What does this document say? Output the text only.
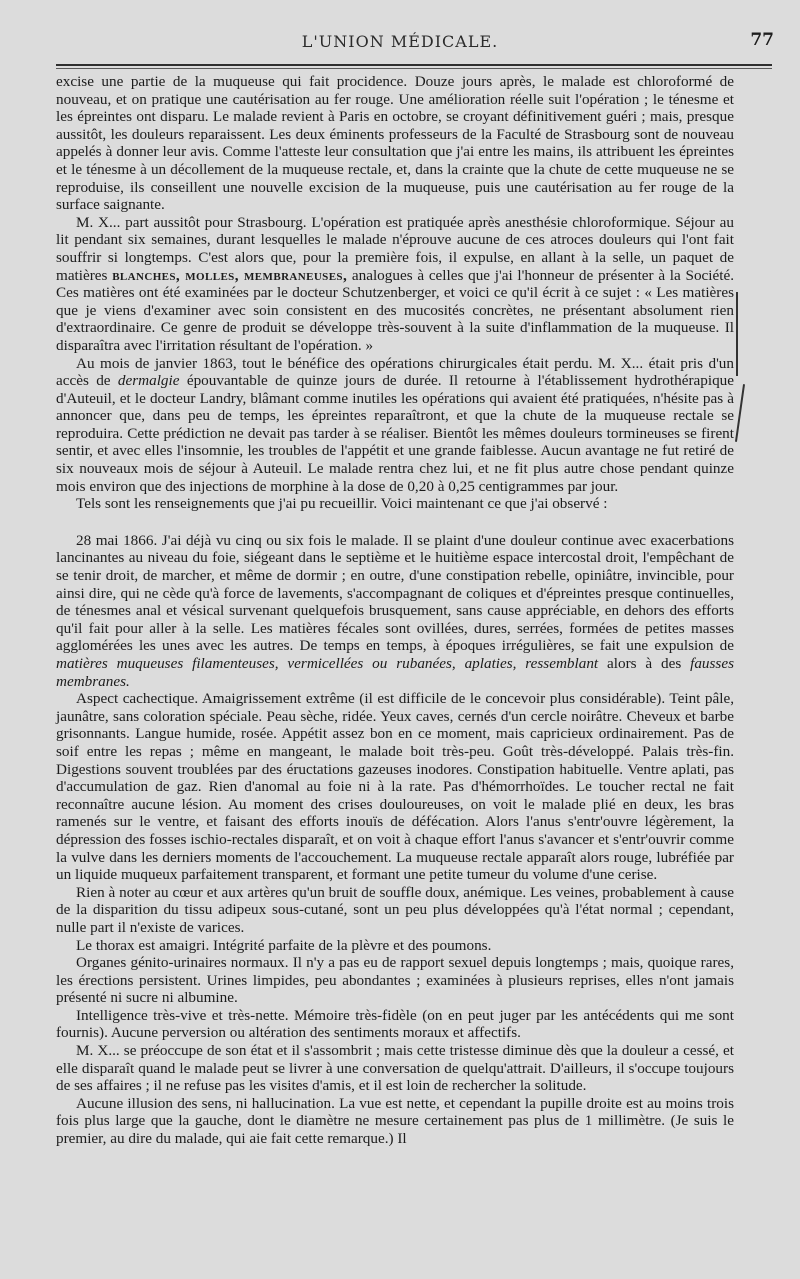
L'UNION MÉDICALE.	77

excise une partie de la muqueuse qui fait procidence. Douze jours après, le malade est chloroformé de nouveau, et on pratique une cautérisation au fer rouge. Une amélioration réelle suit l'opération ; le ténesme et les épreintes ont disparu. Le malade revient à Paris en octobre, se croyant définitivement guéri ; mais, presque aussitôt, les douleurs reparaissent. Les deux éminents professeurs de la Faculté de Strasbourg sont de nouveau appelés à donner leur avis. Comme l'atteste leur consultation que j'ai entre les mains, ils attribuent les épreintes et le ténesme à un décollement de la muqueuse rectale, et, dans la crainte que la chute de cette muqueuse ne se reproduise, ils conseillent une nouvelle excision de la muqueuse, puis une cautérisation au fer rouge de la surface saignante.

M. X... part aussitôt pour Strasbourg. L'opération est pratiquée après anesthésie chloroformique. Séjour au lit pendant six semaines, durant lesquelles le malade n'éprouve aucune de ces atroces douleurs qui l'ont fait souffrir si longtemps. C'est alors que, pour la première fois, il expulse, en allant à la selle, un paquet de matières blanches, molles, membraneuses, analogues à celles que j'ai l'honneur de présenter à la Société. Ces matières ont été examinées par le docteur Schutzenberger, et voici ce qu'il écrit à ce sujet : « Les matières que je viens d'examiner avec soin consistent en des mucosités concrètes, ne présentant absolument rien d'extraordinaire. Ce genre de produit se développe très-souvent à la suite d'inflammation de la muqueuse. Il disparaîtra avec l'irritation résultant de l'opération. »

Au mois de janvier 1863, tout le bénéfice des opérations chirurgicales était perdu. M. X... était pris d'un accès de dermalgie épouvantable de quinze jours de durée. Il retourne à l'établissement hydrothérapique d'Auteuil, et le docteur Landry, blâmant comme inutiles les opérations qui avaient été pratiquées, n'hésite pas à annoncer que, dans peu de temps, les épreintes reparaîtront, et que la chute de la muqueuse rectale se reproduira. Cette prédiction ne devait pas tarder à se réaliser. Bientôt les mêmes douleurs tormineuses se firent sentir, et avec elles l'insomnie, les troubles de l'appétit et une grande faiblesse. Aucun avantage ne fut retiré de six nouveaux mois de séjour à Auteuil. Le malade rentra chez lui, et ne fit plus autre chose pendant quinze mois environ que des injections de morphine à la dose de 0,20 à 0,25 centigrammes par jour.

Tels sont les renseignements que j'ai pu recueillir. Voici maintenant ce que j'ai observé :

28 mai 1866. J'ai déjà vu cinq ou six fois le malade. Il se plaint d'une douleur continue avec exacerbations lancinantes au niveau du foie, siégeant dans le septième et le huitième espace intercostal droit, l'empêchant de se tenir droit, de marcher, et même de dormir ; en outre, d'une constipation rebelle, opiniâtre, invincible, pour ainsi dire, qui ne cède qu'à force de lavements, s'accompagnant de coliques et d'épreintes presque continuelles, de ténesmes anal et vésical survenant quelquefois brusquement, sans cause appréciable, en dehors des efforts qu'il fait pour aller à la selle. Les matières fécales sont ovillées, dures, serrées, formées de petites masses agglomérées les unes avec les autres. De temps en temps, à époques irrégulières, se fait une expulsion de matières muqueuses filamenteuses, vermicellées ou rubanées, aplaties, ressemblant alors à des fausses membranes.

Aspect cachectique. Amaigrissement extrême (il est difficile de le concevoir plus considérable). Teint pâle, jaunâtre, sans coloration spéciale. Peau sèche, ridée. Yeux caves, cernés d'un cercle noirâtre. Cheveux et barbe grisonnants. Langue humide, rosée. Appétit assez bon en ce moment, mais capricieux ordinairement. Pas de soif entre les repas ; même en mangeant, le malade boit très-peu. Goût très-développé. Palais très-fin. Digestions souvent troublées par des éructations gazeuses inodores. Constipation habituelle. Ventre aplati, pas d'accumulation de gaz. Rien d'anomal au foie ni à la rate. Pas d'hémorrhoïdes. Le toucher rectal ne fait reconnaître aucune lésion. Au moment des crises douloureuses, on voit le malade plié en deux, les bras ramenés sur le ventre, et faisant des efforts inouïs de défécation. Alors l'anus s'entr'ouvre légèrement, la dépression des fosses ischio-rectales disparaît, et on voit à chaque effort l'anus s'avancer et s'entr'ouvrir comme la vulve dans les derniers moments de l'accouchement. La muqueuse rectale apparaît alors rouge, lubréfiée par un liquide muqueux parfaitement transparent, et formant une petite tumeur du volume d'une cerise.

Rien à noter au cœur et aux artères qu'un bruit de souffle doux, anémique. Les veines, probablement à cause de la disparition du tissu adipeux sous-cutané, sont un peu plus développées qu'à l'état normal ; cependant, nulle part il n'existe de varices.

Le thorax est amaigri. Intégrité parfaite de la plèvre et des poumons.

Organes génito-urinaires normaux. Il n'y a pas eu de rapport sexuel depuis longtemps ; mais, quoique rares, les érections persistent. Urines limpides, peu abondantes ; examinées à plusieurs reprises, elles n'ont jamais présenté ni sucre ni albumine.

Intelligence très-vive et très-nette. Mémoire très-fidèle (on en peut juger par les antécédents qui me sont fournis). Aucune perversion ou altération des sentiments moraux et affectifs.

M. X... se préoccupe de son état et il s'assombrit ; mais cette tristesse diminue dès que la douleur a cessé, et elle disparaît quand le malade peut se livrer à une conversation de quelqu'attrait. D'ailleurs, il s'occupe toujours de ses affaires ; il ne refuse pas les visites d'amis, et il est loin de rechercher la solitude.

Aucune illusion des sens, ni hallucination. La vue est nette, et cependant la pupille droite est au moins trois fois plus large que la gauche, dont le diamètre ne mesure certainement pas plus de 1 millimètre. (Je suis le premier, au dire du malade, qui aie fait cette remarque.) Il
